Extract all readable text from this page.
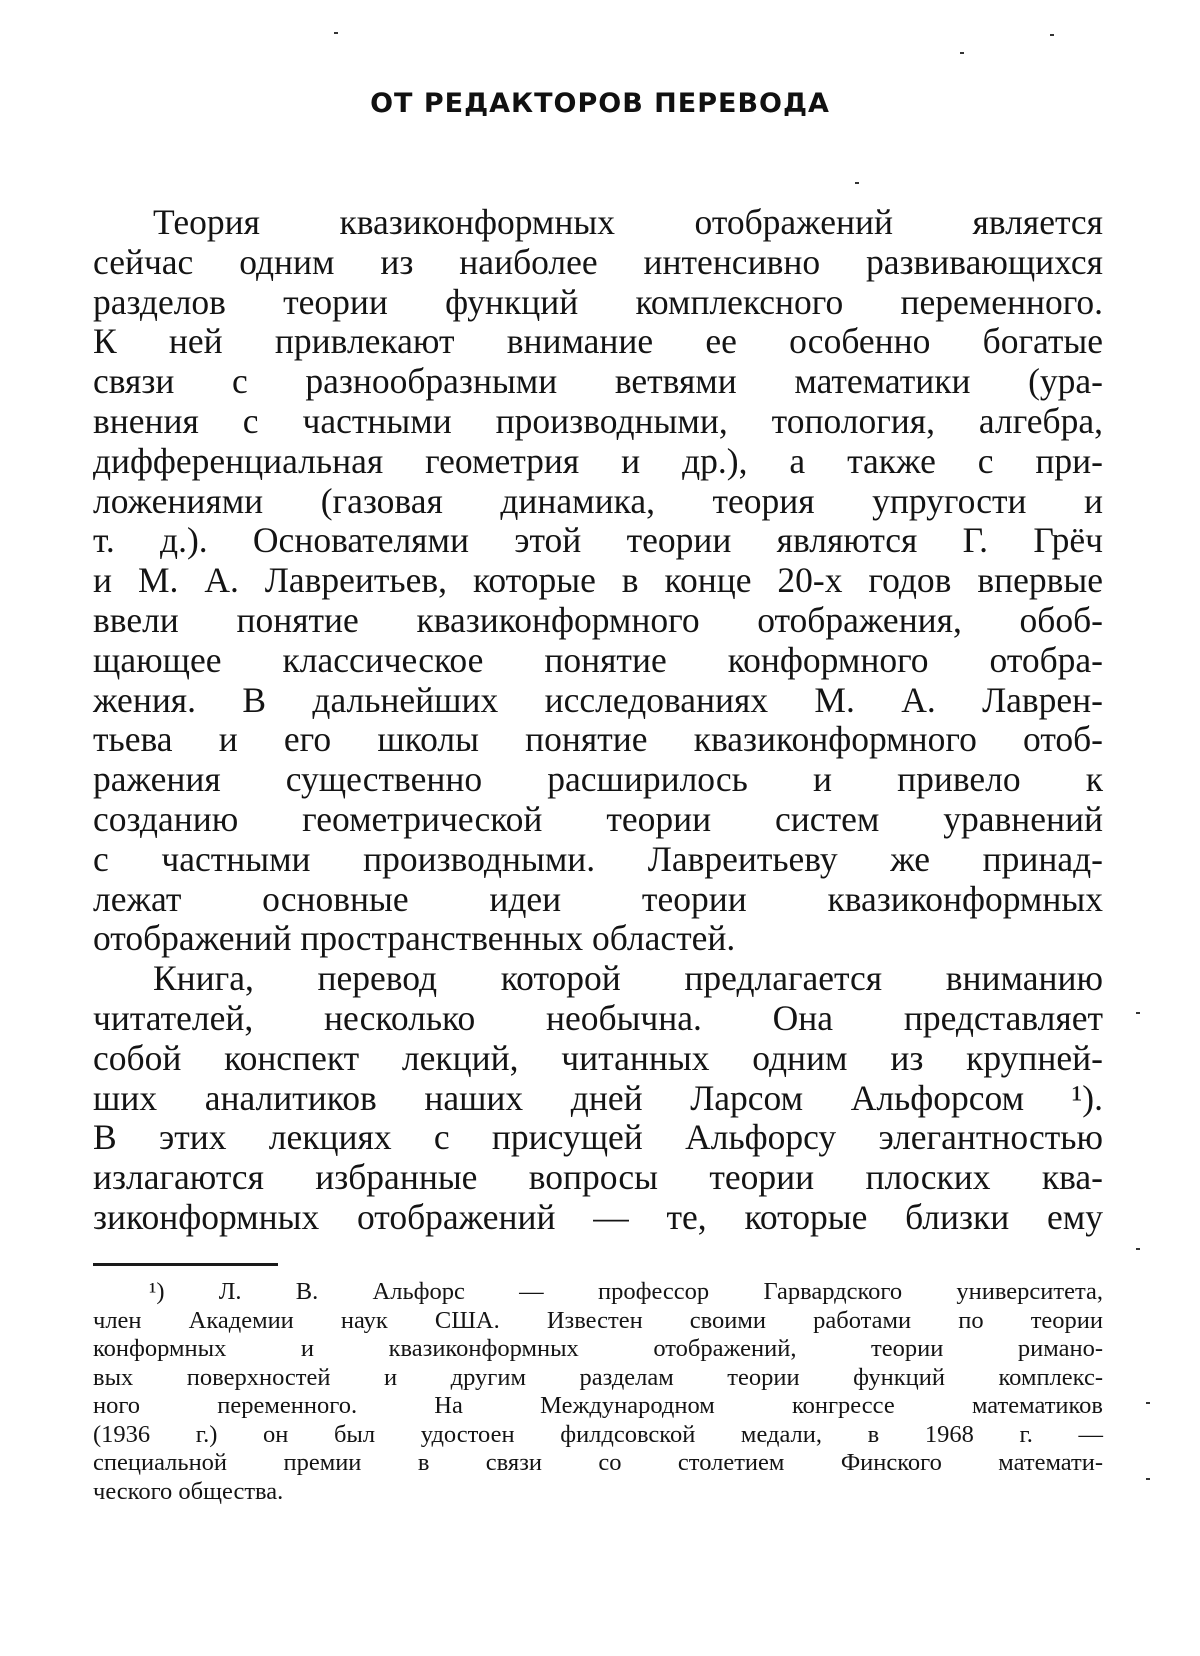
ОТ РЕДАКТОРОВ ПЕРЕВОДА
Теория квазиконформных отображений является
сейчас одним из наиболее интенсивно развивающихся
разделов теории функций комплексного переменного.
К ней привлекают внимание ее особенно богатые
связи с разнообразными ветвями математики (ура-
внения с частными производными, топология, алгебра,
дифференциальная геометрия и др.), а также с при-
ложениями (газовая динамика, теория упругости и
т. д.). Основателями этой теории являются Г. Грёч
и М. А. Лавреитьев, которые в конце 20-х годов впервые
ввели понятие квазиконформного отображения, обоб-
щающее классическое понятие конформного отобра-
жения. В дальнейших исследованиях М. А. Лаврен-
тьева и его школы понятие квазиконформного отоб-
ражения существенно расширилось и привело к
созданию геометрической теории систем уравнений
с частными производными. Лавреитьеву же принад-
лежат основные идеи теории квазиконформных
отображений пространственных областей.
Книга, перевод которой предлагается вниманию
читателей, несколько необычна. Она представляет
собой конспект лекций, читанных одним из крупней-
ших аналитиков наших дней Ларсом Альфорсом ¹).
В этих лекциях с присущей Альфорсу элегантностью
излагаются избранные вопросы теории плоских ква-
зиконформных отображений — те, которые близки ему
¹) Л. В. Альфорс — профессор Гарвардского университета,
член Академии наук США. Известен своими работами по теории
конформных и квазиконформных отображений, теории римано-
вых поверхностей и другим разделам теории функций комплекс-
ного переменного. На Международном конгрессе математиков
(1936 г.) он был удостоен филдсовской медали, в 1968 г. —
специальной премии в связи со столетием Финского математи-
ческого общества.
